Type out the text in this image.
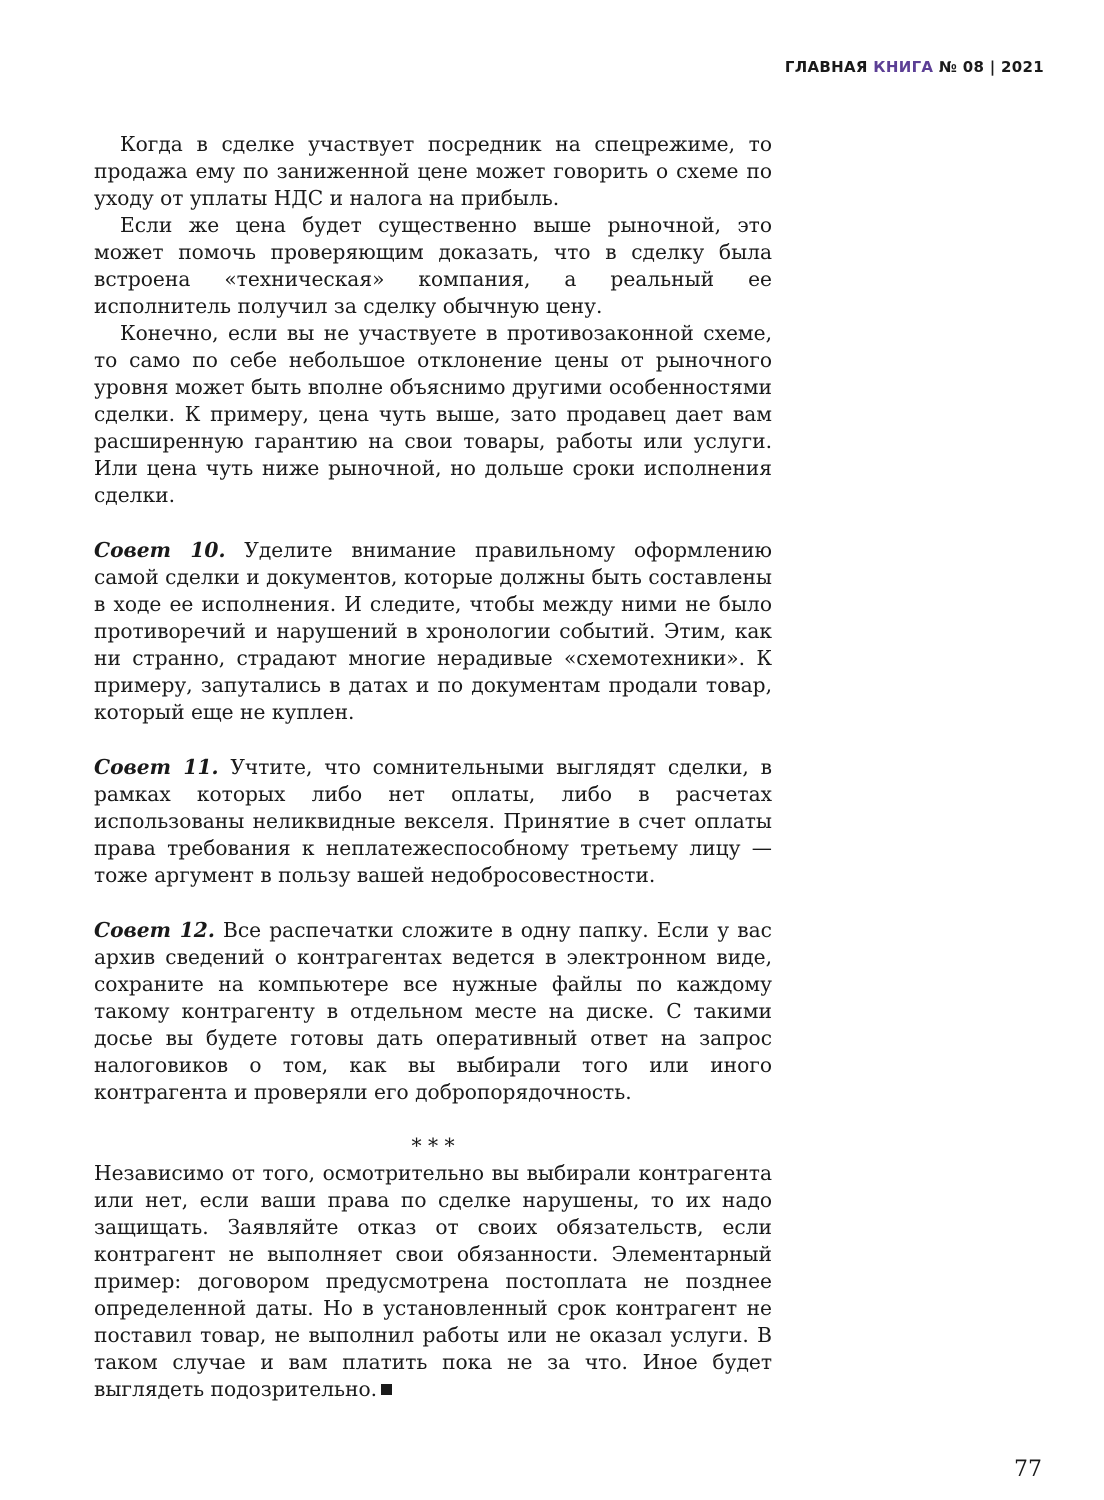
ГЛАВНАЯ КНИГА № 08 | 2021

Когда в сделке участвует посредник на спецрежиме, то продажа ему по заниженной цене может говорить о схеме по уходу от уплаты НДС и налога на прибыль.

Если же цена будет существенно выше рыночной, это может помочь проверяющим доказать, что в сделку была встроена «техническая» компания, а реальный ее исполнитель получил за сделку обычную цену.

Конечно, если вы не участвуете в противозаконной схеме, то само по себе небольшое отклонение цены от рыночного уровня может быть вполне объяснимо другими особенностями сделки. К примеру, цена чуть выше, зато продавец дает вам расширенную гарантию на свои товары, работы или услуги. Или цена чуть ниже рыночной, но дольше сроки исполнения сделки.

Совет 10. Уделите внимание правильному оформлению самой сделки и документов, которые должны быть составлены в ходе ее исполнения. И следите, чтобы между ними не было противоречий и нарушений в хронологии событий. Этим, как ни странно, страдают многие нерадивые «схемотехники». К примеру, запутались в датах и по документам продали товар, который еще не куплен.

Совет 11. Учтите, что сомнительными выглядят сделки, в рамках которых либо нет оплаты, либо в расчетах использованы неликвидные векселя. Принятие в счет оплаты права требования к неплатежеспособному третьему лицу — тоже аргумент в пользу вашей недобросовестности.

Совет 12. Все распечатки сложите в одну папку. Если у вас архив сведений о контрагентах ведется в электронном виде, сохраните на компьютере все нужные файлы по каждому такому контрагенту в отдельном месте на диске. С такими досье вы будете готовы дать оперативный ответ на запрос налоговиков о том, как вы выбирали того или иного контрагента и проверяли его добропорядочность.

* * *

Независимо от того, осмотрительно вы выбирали контрагента или нет, если ваши права по сделке нарушены, то их надо защищать. Заявляйте отказ от своих обязательств, если контрагент не выполняет свои обязанности. Элементарный пример: договором предусмотрена постоплата не позднее определенной даты. Но в установленный срок контрагент не поставил товар, не выполнил работы или не оказал услуги. В таком случае и вам платить пока не за что. Иное будет выглядеть подозрительно.

77
